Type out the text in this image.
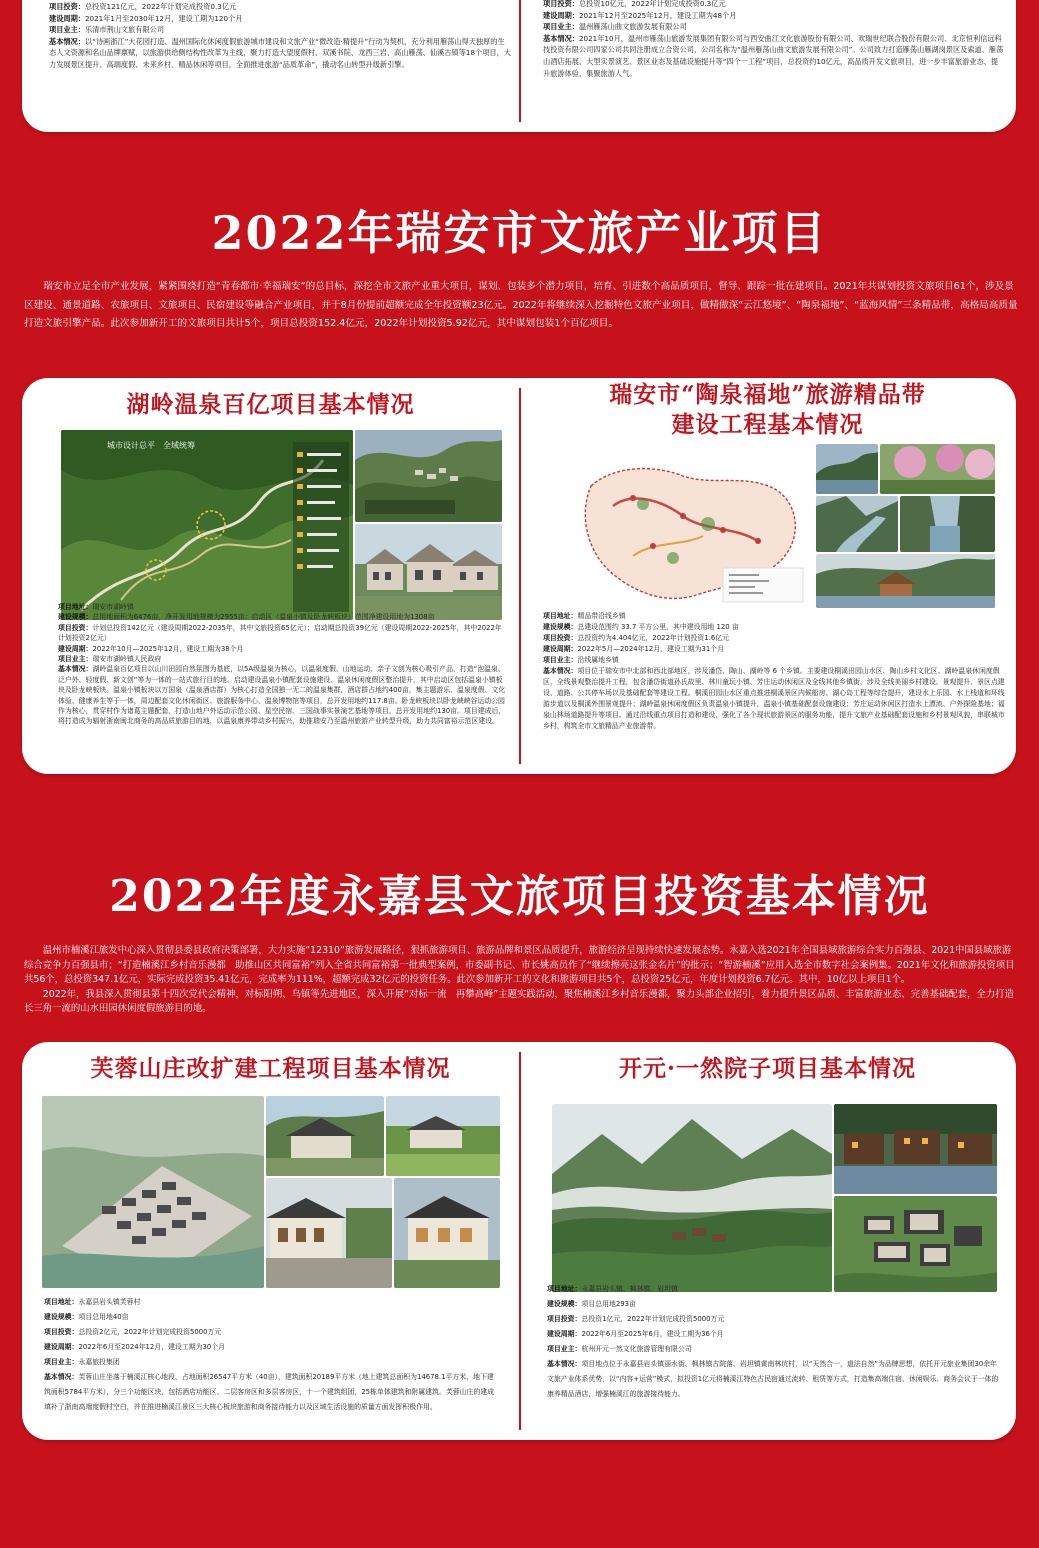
项目投资：总投资121亿元，2022年计划完成投资0.3亿元

建设周期：2021年1月至2030年12月，建设工期为120个月

项目业主：乐清市荆山文旅有限公司

基本情况：以“诗画浙江”大花园打造、温州国际化休闲度假旅游城市建设和文旅产业“微改造·精提升”行动为契机，充分利用雁荡山得天独厚的生态人文资源和名山品牌禀赋，以旅游供给侧结构性改革为主线，聚力打造大望度假村、双溪书院、龙西三岩、高山雁荡、仙溪古镇等18个项目，大力发展景区提升、高端度假、未来乡村、精品休闲等项目，全面推进旅游“品质革命”，撬动名山转型升级新引擎。

项目投资：总投资10亿元，2022年计划完成投资0.3亿元

建设周期：2021年12月至2025年12月，建设工期为48个月

项目业主：温州雁荡山曲文旅游发展有限公司

基本情况：2021年10月，温州市雁荡山旅游发展集团有限公司与西安曲江文化旅游股份有限公司、欢瑞世纪联合股份有限公司、北京恒利信远科技投资有限公司四家公司共同注册成立合资公司，公司名称为“温州雁荡山曲文旅游发展有限公司”。公司致力打造雁荡山雁湖岗景区及索道、雁荡山酒店拓展、大型实景演艺、景区业态及基础设施提升等“四个一工程”项目，总投资约10亿元，高品质开发文旅项目，进一步丰富旅游业态、提升旅游体验、集聚旅游人气。

2022年瑞安市文旅产业项目

瑞安市立足全市产业发展，紧紧围绕打造“青春都市·幸福瑞安”的总目标，深挖全市文旅产业重大项目，谋划、包装多个潜力项目，培育、引进数个高品质项目，督导、跟踪一批在建项目。2021年共谋划投资文旅项目61个，涉及景区建设、通景道路、农旅项目、文旅项目、民宿建设等融合产业项目，并于8月份提前超额完成全年投资额23亿元。2022年将继续深入挖掘特色文旅产业项目，做精做深“云江悠境”、“陶泉福地”、“蓝海风情”三条精品带，高格局高质量打造文旅引擎产品。此次参加新开工的文旅项目共计5个，项目总投资152.4亿元，2022年计划投资5.92亿元，其中谋划包装1个百亿项目。

湖岭温泉百亿项目基本情况
城市设计总平　全域统筹

项目地址：瑞安市湖岭镇

建设规模：总用地面积为6476亩，净开发用地规模为2955亩；启动区（温泉小镇及卧龙峡板块）范围净建设用地为1308亩

项目投资：计划总投资142亿元（建设周期2022-2035年，其中文旅投资65亿元）；启动期总投资39亿元（建设周期2022-2025年，其中2022年计划投资2亿元）

建设周期：2022年10月—2025年12月，建设工期为38个月

项目业主：瑞安市湖岭镇人民政府

基本情况：湖岭温泉百亿项目以山川田园自然氛围为基底，以5A级温泉为核心，以温泉度假、山地运动、亲子文创为核心吸引产品，打造“泡温泉、泛户外、轻度假、新文创”等为一体的一站式旅行目的地。启动建设温泉小镇配套设施建设、温泉休闲度假区整治提升，其中启动区包括温泉小镇板块及卧龙峡板块。温泉小镇板块以万国泉（温泉酒店群）为核心打造全国独一无二的温泉集群，酒店群占地约400亩，集主题游乐、温泉度假、文化体验、健康养生等于一体，周边配套文化休闲街区、旅游服务中心、温泉博物馆等项目，总开发用地约117.8亩。卧龙峡板块以卧龙峡峡谷运动公园作为核心，贯穿村作为诸葛主题配套，打造山地户外运动示范公园、星空民宿、三国战事实景演艺基地等项目，总开发用地约130亩。项目建成后，将打造成为辐射浙南闽北商务的高品质旅游目的地，以温泉康养带动乡村振兴，助推瑞安乃至温州旅游产业转型升级，助力共同富裕示范区建设。

瑞安市“陶泉福地”旅游精品带
建设工程基本情况

项目地址：精品带沿线乡镇

建设规模：总建设范围约 33.7 平方公里，其中建设用地 120 亩

项目投资：总投资约为4.404亿元，2022年计划投资1.6亿元

建设周期：2022年5月—2024年12月，建设工期为31个月

项目业主：沿线属地乡镇

基本情况：项目位于瑞安市中北部和西北部地区，涉及潘岱、陶山、湖岭等 6 个乡镇。主要建设桐溪田园山水区、陶山乡村文化区、湖岭温泉休闲度假区，全线景观整治提升工程，包含潘岱街道孙氏故里、林川童玩小镇、芳庄运动休闲区及全线其他乡镇街，涉及全线美丽乡村建设、景观提升、景区点建设、道路、公共停车场以及基础配套等建设工程。桐溪田园山水区重点推进桐溪景区内候船房、湖心岛工程等综合提升，建设水上乐园、水上栈道和环线游步道以及桐溪外围景观提升；湖岭温泉休闲度假区负责温泉小镇提升，温泉小镇基础配套设施建设；芳庄运动休闲区打造水上漂流、户外探险基地；福泉山林场道路提升等项目。通过沿线重点项目打造和建设，强化了各个现状旅游景区的服务功能，提升文旅产业基础配套设施和乡村景观风貌，串联城市乡村，构筑全市文旅精品产业旅游带。

2022年度永嘉县文旅项目投资基本情况

温州市楠溪江旅发中心深入贯彻县委县政府决策部署，大力实施“12310”旅游发展路径，狠抓旅游项目、旅游品牌和景区品质提升，旅游经济呈现持续快速发展态势。永嘉入选2021年全国县域旅游综合实力百强县、2021中国县域旅游综合竞争力百强县市；“打造楠溪江乡村音乐漫都　助推山区共同富裕”列入全省共同富裕第一批典型案例，市委副书记、市长姚高员作了“继续擦亮这张金名片”的批示；“智游楠溪”应用入选全市数字社会案例集。2021年文化和旅游投资项目共56个，总投资347.1亿元，实际完成投资35.41亿元，完成率为111%，超额完成32亿元的投资任务。此次参加新开工的文化和旅游项目共5个，总投资25亿元，年度计划投资6.7亿元。其中，10亿以上项目1个。

2022年，我县深入贯彻县第十四次党代会精神，对标阳朔、乌镇等先进地区，深入开展“对标一流　再攀高峰”主题实践活动，聚焦楠溪江乡村音乐漫都，聚力头部企业招引，着力提升景区品质、丰富旅游业态、完善基础配套，全力打造长三角一流的山水田园休闲度假旅游目的地。

芙蓉山庄改扩建工程项目基本情况

项目地址：永嘉县岩头镇芙蓉村

建设规模：项目总用地40亩

项目投资：总投资2亿元，2022年计划完成投资5000万元

建设周期：2022年6月至2024年12月，建设工期为30个月

项目业主：永嘉旅投集团

基本情况：芙蓉山庄坐落于楠溪江核心地段，占地面积26547平方米（40亩），建筑面积20189平方米（地上建筑总面积为14678.1平方米，地下建筑面积5784平方米），分三个功能区块，包括酒店功能区、二层客房区和多层客房区，十一个建筑组团，25栋单体建筑和附属建筑。芙蓉山庄的建成填补了浙南高端度假村空白，并在推进楠溪江景区三大核心板块旅游和商务接待能力以及区域生活设施的质量方面发挥积极作用。

开元·一然院子项目基本情况

项目地址：永嘉县岩头镇、枫林镇、岩坦镇

建设规模：项目总用地293亩

项目投资：总投资1亿元，2022年计划完成投资5000万元

建设周期：2022年6月至2025年6月，建设工期为36个月

项目业主：杭州开元一然文化旅游管理有限公司

基本情况：项目地点位于永嘉县岩头镇丽水街、枫林镇古院落、岩坦镇黄南林坑村，以“天然合一，道法自然”为品牌思想，依托开元旅业集团30余年文旅产业体系优势，以“内容+运营”模式，拟投资1亿元将楠溪江特色古民宿通过流转、租赁等方式，打造集高端住宿、休闲娱乐、商务会议于一体的康养精品酒店，增强楠溪江的旅游接待能力。
